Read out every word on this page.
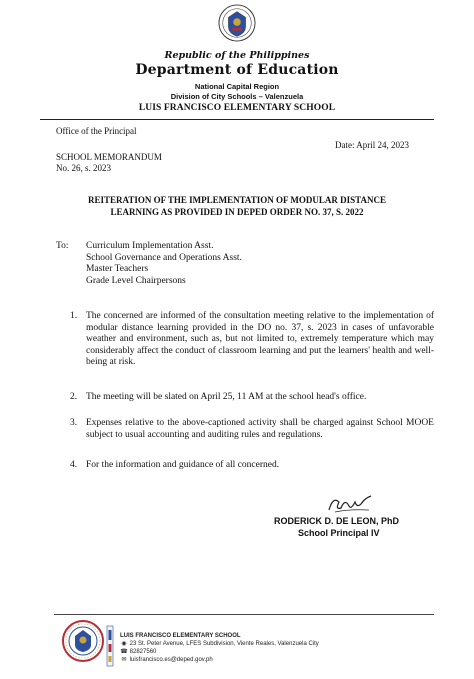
Republic of the Philippines
Department of Education
National Capital Region
Division of City Schools – Valenzuela
LUIS FRANCISCO ELEMENTARY SCHOOL
Office of the Principal
Date: April 24, 2023
SCHOOL MEMORANDUM
No. 26, s. 2023
REITERATION OF THE IMPLEMENTATION OF MODULAR DISTANCE
LEARNING AS PROVIDED IN DEPED ORDER NO. 37, S. 2022
To: Curriculum Implementation Asst.
School Governance and Operations Asst.
Master Teachers
Grade Level Chairpersons
1. The concerned are informed of the consultation meeting relative to the implementation of modular distance learning provided in the DO no. 37, s. 2023 in cases of unfavorable weather and environment, such as, but not limited to, extremely temperature which may considerably affect the conduct of classroom learning and put the learners' health and well-being at risk.
2. The meeting will be slated on April 25, 11 AM at the school head's office.
3. Expenses relative to the above-captioned activity shall be charged against School MOOE subject to usual accounting and auditing rules and regulations.
4. For the information and guidance of all concerned.
RODERICK D. DE LEON, PhD
School Principal IV
LUIS FRANCISCO ELEMENTARY SCHOOL
◉ 23 St. Peter Avenue, LFES Subdivision, Viente Reales, Valenzuela City
☎ 82827560
✉ luisfrancisco.es@deped.gov.ph
